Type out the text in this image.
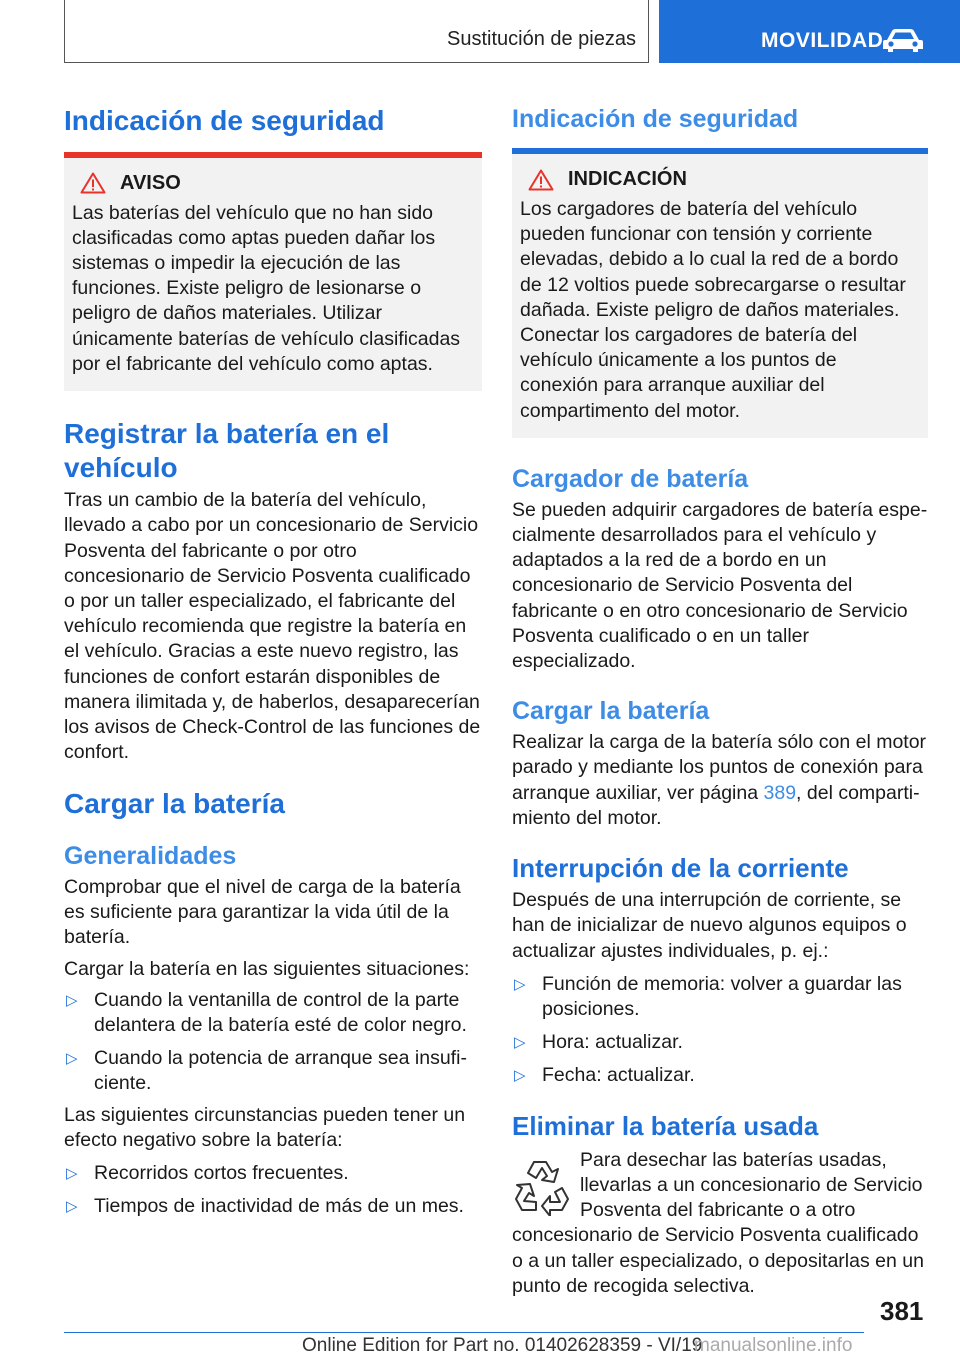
Sustitución de piezas	MOVILIDAD
Indicación de seguridad
AVISO

Las baterías del vehículo que no han sido clasificadas como aptas pueden dañar los sistemas o impedir la ejecución de las funciones. Existe peligro de lesionarse o peligro de daños materiales. Utilizar únicamente baterías de vehículo clasificadas por el fabricante del vehículo como aptas.

Registrar la batería en el vehículo

Tras un cambio de la batería del vehículo, llevado a cabo por un concesionario de Servicio Posventa del fabricante o por otro concesionario de Servicio Posventa cualificado o por un taller especializado, el fabricante del vehículo recomienda que registre la batería en el vehículo. Gracias a este nuevo registro, las funciones de confort estarán disponibles de manera ilimitada y, de haberlos, desaparecerían los avisos de Check-Control de las funciones de confort.

Cargar la batería
Generalidades

Comprobar que el nivel de carga de la batería es suficiente para garantizar la vida útil de la batería.

Cargar la batería en las siguientes situaciones:

▷ Cuando la ventanilla de control de la parte delantera de la batería esté de color negro.
▷ Cuando la potencia de arranque sea insuficiente.

Las siguientes circunstancias pueden tener un efecto negativo sobre la batería:

▷ Recorridos cortos frecuentes.
▷ Tiempos de inactividad de más de un mes.
Indicación de seguridad
INDICACIÓN

Los cargadores de batería del vehículo pueden funcionar con tensión y corriente elevadas, debido a lo cual la red de a bordo de 12 voltios puede sobrecargarse o resultar dañada. Existe peligro de daños materiales. Conectar los cargadores de batería del vehículo únicamente a los puntos de conexión para arranque auxiliar del compartimento del motor.

Cargador de batería

Se pueden adquirir cargadores de batería especialmente desarrollados para el vehículo y adaptados a la red de a bordo en un concesionario de Servicio Posventa del fabricante o en otro concesionario de Servicio Posventa cualificado o en un taller especializado.

Cargar la batería

Realizar la carga de la batería sólo con el motor parado y mediante los puntos de conexión para arranque auxiliar, ver página 389, del compartimiento del motor.

Interrupción de la corriente

Después de una interrupción de corriente, se han de inicializar de nuevo algunos equipos o actualizar ajustes individuales, p. ej.:

▷ Función de memoria: volver a guardar las posiciones.
▷ Hora: actualizar.
▷ Fecha: actualizar.
Eliminar la batería usada

Para desechar las baterías usadas, llevarlas a un concesionario de Servicio Posventa del fabricante o a otro concesionario de Servicio Posventa cualificado o a un taller especializado, o depositarlas en un punto de recogida selectiva.

381
Online Edition for Part no. 01402628359 - VI/19
manualsonline.info
